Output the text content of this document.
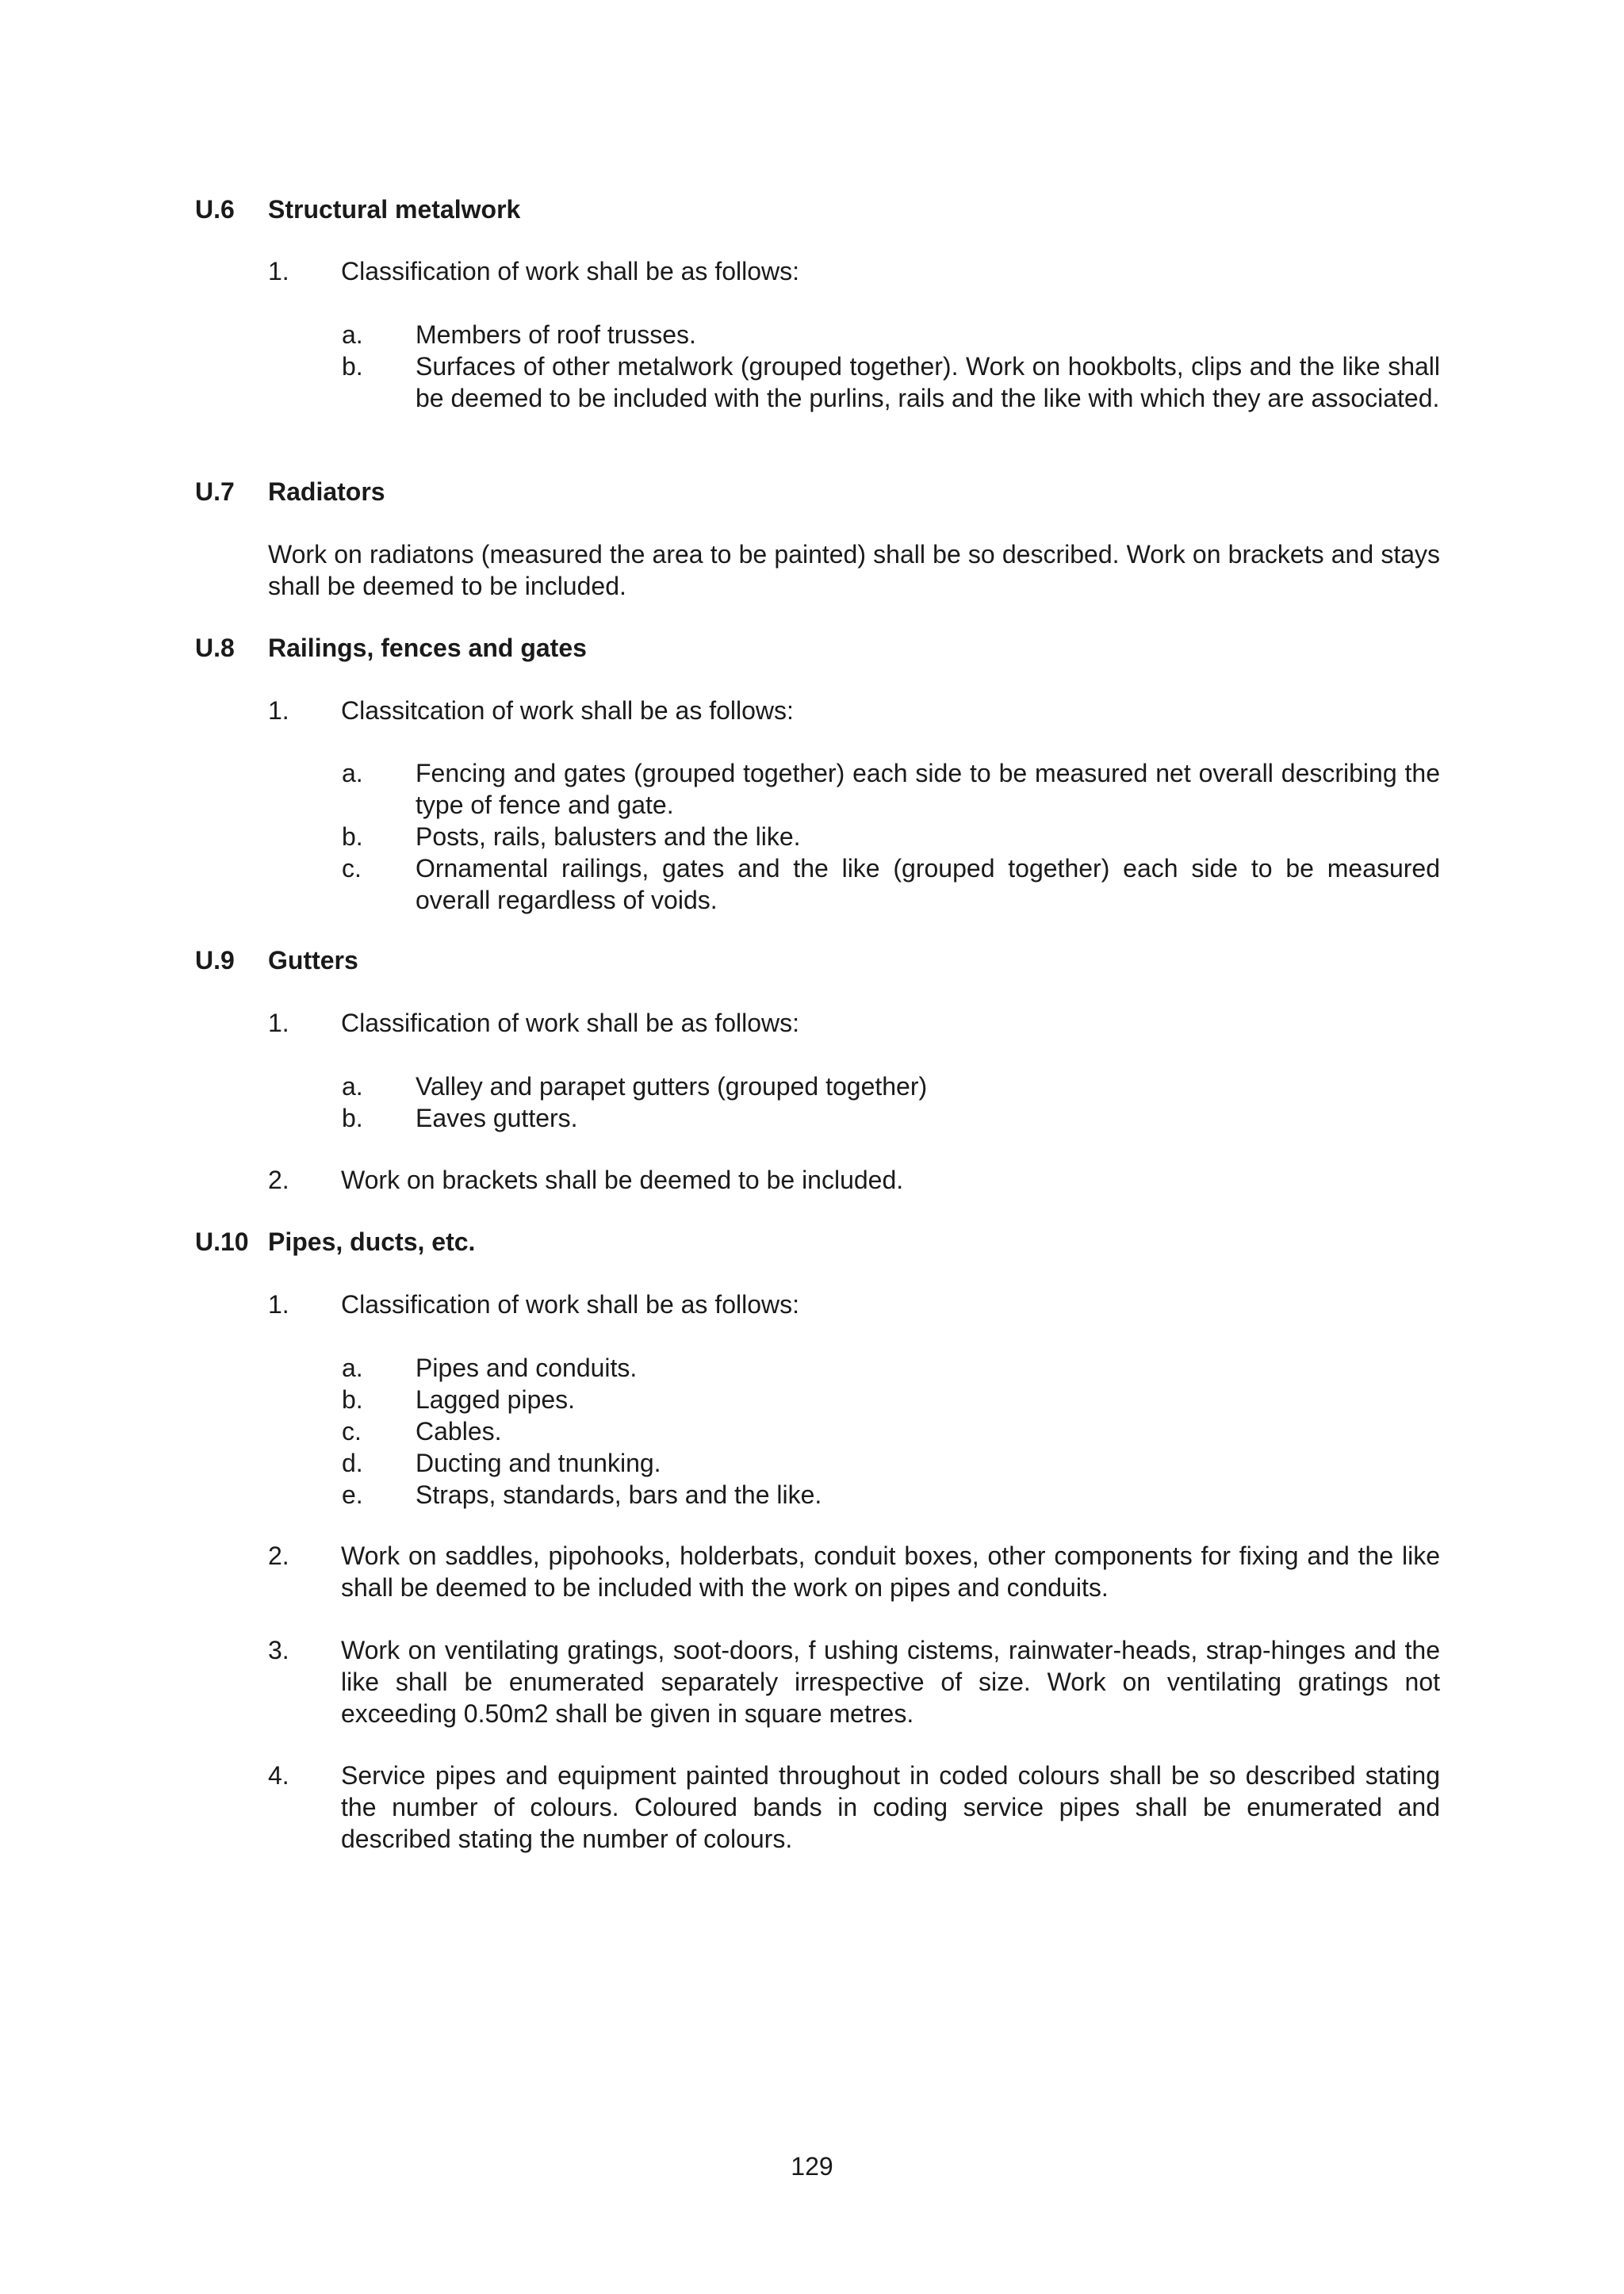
U.6	Structural metalwork
1.	Classification of work shall be as follows:
a.	Members of roof trusses.
b.	Surfaces of other metalwork (grouped together). Work on hookbolts, clips and the like shall be deemed to be included with the purlins, rails and the like with which they are associated.
U.7	Radiators
Work on radiatons (measured the area to be painted) shall be so described. Work on brackets and stays shall be deemed to be included.
U.8	Railings, fences and gates
1.	Classitcation of work shall be as follows:
a.	Fencing and gates (grouped together) each side to be measured net overall describing the type of fence and gate.
b.	Posts, rails, balusters and the like.
c.	Ornamental railings, gates and the like (grouped together) each side to be measured overall regardless of voids.
U.9	Gutters
1.	Classification of work shall be as follows:
a.	Valley and parapet gutters (grouped together)
b.	Eaves gutters.
2.	Work on brackets shall be deemed to be included.
U.10 Pipes, ducts, etc.
1.	Classification of work shall be as follows:
a.	Pipes and conduits.
b.	Lagged pipes.
c.	Cables.
d.	Ducting and tnunking.
e.	Straps, standards, bars and the like.
2.	Work on saddles, pipohooks, holderbats, conduit boxes, other components for fixing and the like shall be deemed to be included with the work on pipes and conduits.
3.	Work on ventilating gratings, soot-doors, f ushing cistems, rainwater-heads, strap-hinges and the like shall be enumerated separately irrespective of size. Work on ventilating gratings not exceeding 0.50m2 shall be given in square metres.
4.	Service pipes and equipment painted throughout in coded colours shall be so described stating the number of colours. Coloured bands in coding service pipes shall be enumerated and described stating the number of colours.
129
